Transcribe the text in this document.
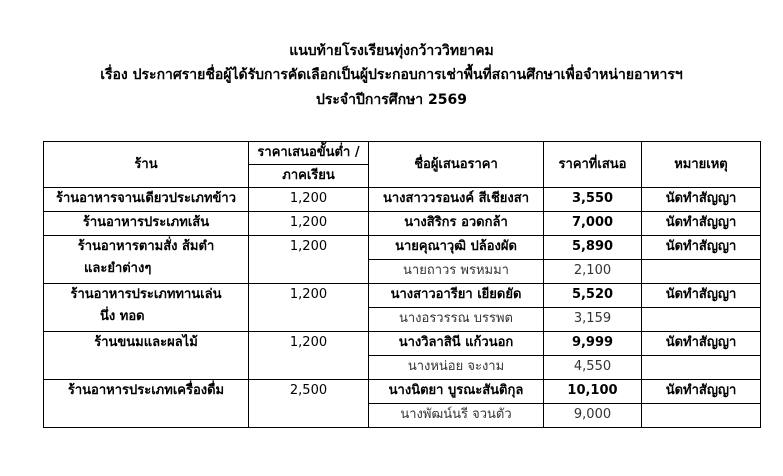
แนบท้ายโรงเรียนทุ่งกว้าววิทยาคม
เรื่อง ประกาศรายชื่อผู้ได้รับการคัดเลือกเป็นผู้ประกอบการเช่าพื้นที่สถานศึกษาเพื่อจำหน่ายอาหารฯ
ประจำปีการศึกษา 2569
ร้าน	ราคาเสนอขั้นต่ำ /	ชื่อผู้เสนอราคา	ราคาที่เสนอ	หมายเหตุ
	ภาคเรียน			
ร้านอาหารจานเดียวประเภทข้าว	1,200	นางสาววรอนงค์ สีเชียงสา	3,550	นัดทำสัญญา
ร้านอาหารประเภทเส้น	1,200	นางสิริกร อวดกล้า	7,000	นัดทำสัญญา

ร้านอาหารตามสั่ง ส้มตำ
และยำต่างๆ	1,200	นายคุณาวุฒิ ปล้องผัด	5,890	นัดทำสัญญา
		นายถาวร พรหมมา	2,100	

ร้านอาหารประเภททานเล่น
นึ่ง ทอด	1,200	นางสาวอารียา เยียดยัด	5,520	นัดทำสัญญา
		นางอรวรรณ บรรพต	3,159	
ร้านขนมและผลไม้	1,200	นางวิลาสินี แก้วนอก	9,999	นัดทำสัญญา
		นางหน่อย จะงาม	4,550	
ร้านอาหารประเภทเครื่องดื่ม	2,500	นางนิตยา บูรณะสันติกุล	10,100	นัดทำสัญญา
		นางพัฒน์นรี จวนตัว	9,000	
